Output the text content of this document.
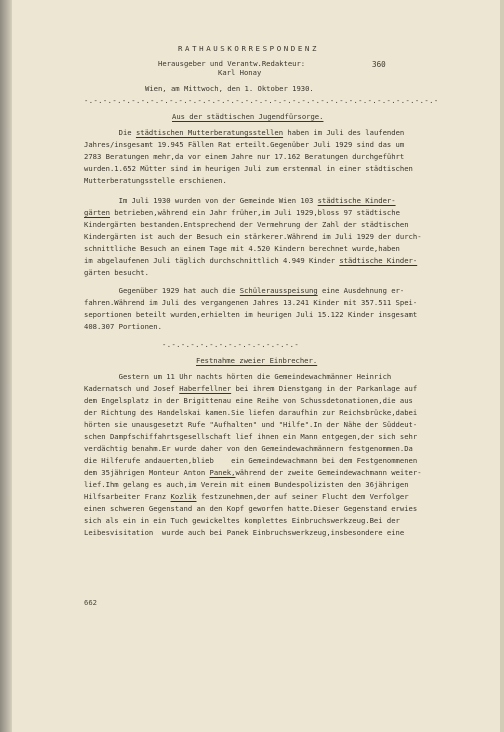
RATHAUSKORRESPONDENZ
Herausgeber und Verantw.Redakteur:	360
Karl Honay
Wien, am Mittwoch, den 1. Oktober 1930.
-.-.-.-.-.-.-.-.-.-.-.-.-.-.-.-.-.-.-.-.-.-.-.-.-.-.-.-.-.-.-.-.-.-.-.-.-.-
Aus der städtischen Jugendfürsorge.
Die städtischen Mutterberatungsstellen haben im Juli des laufenden
Jahres/insgesamt 19.945 Fällen Rat erteilt.Gegenüber Juli 1929 sind das um
2783 Beratungen mehr,da vor einem Jahre nur 17.162 Beratungen durchgeführt
wurden.1.652 Mütter sind im heurigen Juli zum erstenmal in einer städtischen
Mutterberatungsstelle erschienen.
Im Juli 1930 wurden von der Gemeinde Wien 103 städtische Kinder-
gärten betrieben,während ein Jahr früher,im Juli 1929,bloss 97 städtische
Kindergärten bestanden.Entsprechend der Vermehrung der Zahl der städtischen
Kindergärten ist auch der Besuch ein stärkerer.Während im Juli 1929 der durch-
schnittliche Besuch an einem Tage mit 4.520 Kindern berechnet wurde,haben
im abgelaufenen Juli täglich durchschnittlich 4.949 Kinder städtische Kinder-
gärten besucht.
Gegenüber 1929 hat auch die Schülerausspeisung eine Ausdehnung er-
fahren.Während im Juli des vergangenen Jahres 13.241 Kinder mit 357.511 Spei-
seportionen beteilt wurden,erhielten im heurigen Juli 15.122 Kinder insgesamt
408.307 Portionen.
-.-.-.-.-.-.-.-.-.-.-.-.-.-.-
Festnahme zweier Einbrecher.
Gestern um 11 Uhr nachts hörten die Gemeindewachmänner Heinrich
Kadernatsch und Josef Haberfellner bei ihrem Dienstgang in der Parkanlage auf
dem Engelsplatz in der Brigittenau eine Reihe von Schussdetonationen,die aus
der Richtung des Handelskai kamen.Sie liefen daraufhin zur Reichsbrücke,dabei
hörten sie unausgesetzt Rufe "Aufhalten" und "Hilfe".In der Nähe der Süddeut-
schen Dampfschiffahrtsgesellschaft lief ihnen ein Mann entgegen,der sich sehr
verdächtig benahm.Er wurde daher von den Gemeindewachmännern festgenommen.Da
die Hilferufe andauerten,blieb    ein Gemeindewachmann bei dem Festgenommenen
dem 35jährigen Monteur Anton Panek,während der zweite Gemeindewachmann weiter-
lief.Ihm gelang es auch,im Verein mit einem Bundespolizisten den 36jährigen
Hilfsarbeiter Franz Kozlik festzunehmen,der auf seiner Flucht dem Verfolger
einen schweren Gegenstand an den Kopf geworfen hatte.Dieser Gegenstand erwies
sich als ein in ein Tuch gewickeltes komplettes Einbruchswerkzeug.Bei der
Leibesvisitation  wurde auch bei Panek Einbruchswerkzeug,insbesondere eine
662
